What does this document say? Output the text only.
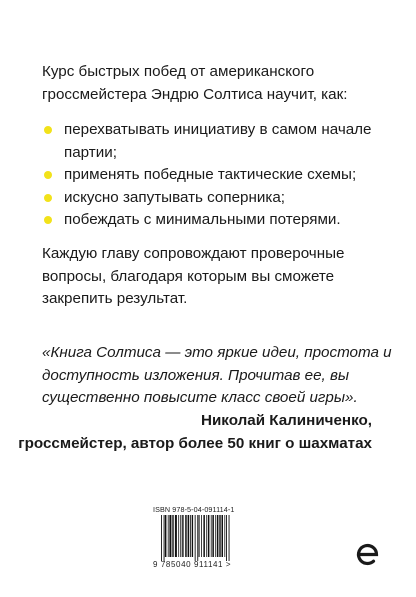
Курс быстрых побед от американского гроссмейстера Эндрю Солтиса научит, как:

перехватывать инициативу в самом начале партии;
применять победные тактические схемы;
искусно запутывать соперника;
побеждать с минимальными потерями.

Каждую главу сопровождают проверочные вопросы, благодаря которым вы сможете закрепить результат.

«Книга Солтиса — это яркие идеи, простота и доступность изложения. Прочитав ее, вы существенно повысите класс своей игры».

Николай Калиниченко,

гроссмейстер, автор более 50 книг о шахматах

ISBN 978-5-04-091114-1
9 785040 911141 >
